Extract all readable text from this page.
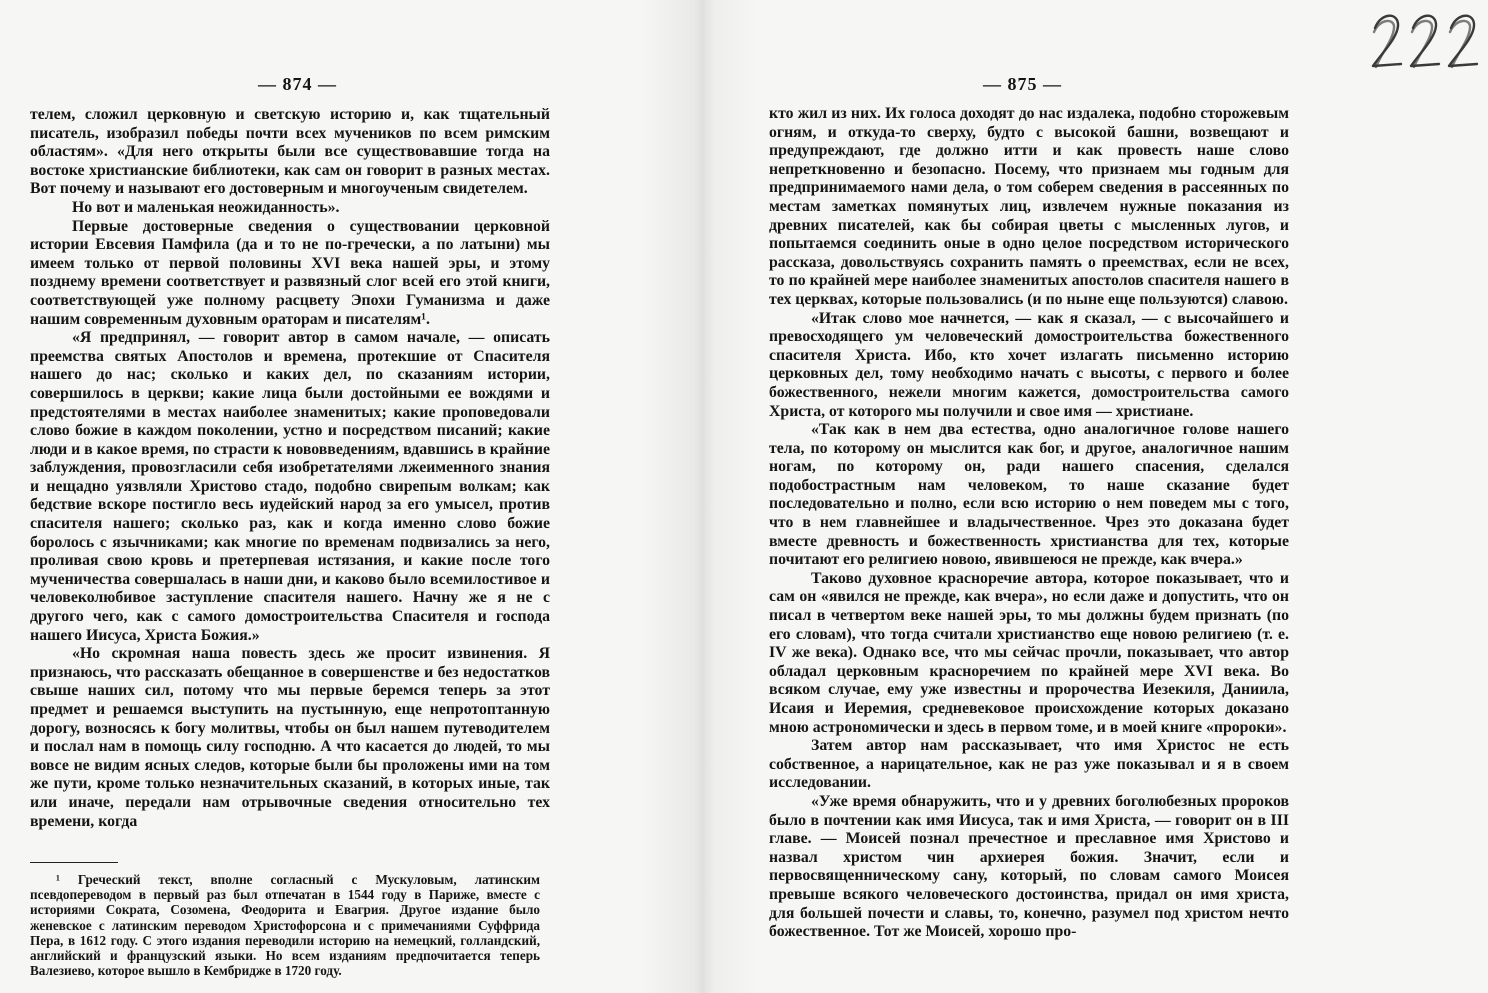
— 874 —

телем, сложил церковную и светскую историю и, как тщательный писатель, изобразил победы почти всех мучеников по всем римским областям». «Для него открыты были все существовавшие тогда на востоке христианские библиотеки, как сам он говорит в разных местах. Вот почему и называют его достоверным и многоученым свидетелем.

Но вот и маленькая неожиданность».

Первые достоверные сведения о существовании церковной истории Евсевия Памфила (да и то не по-гречески, а по латыни) мы имеем только от первой половины XVI века нашей эры, и этому позднему времени соответствует и развязный слог всей его этой книги, соответствующей уже полному расцвету Эпохи Гуманизма и даже нашим современным духовным ораторам и писателям¹.

«Я предпринял, — говорит автор в самом начале, — описать преемства святых Апостолов и времена, протекшие от Спасителя нашего до нас; сколько и каких дел, по сказаниям истории, совершилось в церкви; какие лица были достойными ее вождями и предстоятелями в местах наиболее знаменитых; какие проповедовали слово божие в каждом поколении, устно и посредством писаний; какие люди и в какое время, по страсти к нововведениям, вдавшись в крайние заблуждения, провозгласили себя изобретателями лжеименного знания и нещадно уязвляли Христово стадо, подобно свирепым волкам; как бедствие вскоре постигло весь иудейский народ за его умысел, против спасителя нашего; сколько раз, как и когда именно слово божие боролось с язычниками; как многие по временам подвизались за него, проливая свою кровь и претерпевая истязания, и какие после того мученичества совершалась в наши дни, и каково было всемилостивое и человеколюбивое заступление спасителя нашего. Начну же я не с другого чего, как с самого домостроительства Спасителя и господа нашего Иисуса, Христа Божия.»

«Но скромная наша повесть здесь же просит извинения. Я признаюсь, что рассказать обещанное в совершенстве и без недостатков свыше наших сил, потому что мы первые беремся теперь за этот предмет и решаемся выступить на пустынную, еще непротоптанную дорогу, возносясь к богу молитвы, чтобы он был нашем путеводителем и послал нам в помощь силу господню. А что касается до людей, то мы вовсе не видим ясных следов, которые были бы проложены ими на том же пути, кроме только незначительных сказаний, в которых иные, так или иначе, передали нам отрывочные сведения относительно тех времени, когда

¹ Греческий текст, вполне согласный с Мускуловым, латинским псевдопереводом в первый раз был отпечатан в 1544 году в Париже, вместе с историями Сократа, Созомена, Феодорита и Евагрия. Другое издание было женевское с латинским переводом Христофорсона и с примечаниями Суффрида Пера, в 1612 году. С этого издания переводили историю на немецкий, голландский, английский и французский языки. Но всем изданиям предпочитается теперь Валезиево, которое вышло в Кембридже в 1720 году.

— 875 —

кто жил из них. Их голоса доходят до нас издалека, подобно сторожевым огням, и откуда-то сверху, будто с высокой башни, возвещают и предупреждают, где должно итти и как провесть наше слово непреткновенно и безопасно. Посему, что признаем мы годным для предпринимаемого нами дела, о том соберем сведения в рассеянных по местам заметках помянутых лиц, извлечем нужные показания из древних писателей, как бы собирая цветы с мысленных лугов, и попытаемся соединить оные в одно целое посредством исторического рассказа, довольствуясь сохранить память о преемствах, если не всех, то по крайней мере наиболее знаменитых апостолов спасителя нашего в тех церквах, которые пользовались (и по ныне еще пользуются) славою.

«Итак слово мое начнется, — как я сказал, — с высочайшего и превосходящего ум человеческий домостроительства божественного спасителя Христа. Ибо, кто хочет излагать письменно историю церковных дел, тому необходимо начать с высоты, с первого и более божественного, нежели многим кажется, домостроительства самого Христа, от которого мы получили и свое имя — христиане.

«Так как в нем два естества, одно аналогичное голове нашего тела, по которому он мыслится как бог, и другое, аналогичное нашим ногам, по которому он, ради нашего спасения, сделался подобострастным нам человеком, то наше сказание будет последовательно и полно, если всю историю о нем поведем мы с того, что в нем главнейшее и владычественное. Чрез это доказана будет вместе древность и божественность христианства для тех, которые почитают его религиею новою, явившеюся не прежде, как вчера.»

Таково духовное красноречие автора, которое показывает, что и сам он «явился не прежде, как вчера», но если даже и допустить, что он писал в четвертом веке нашей эры, то мы должны будем признать (по его словам), что тогда считали христианство еще новою религиею (т. е. IV же века). Однако все, что мы сейчас прочли, показывает, что автор обладал церковным красноречием по крайней мере XVI века. Во всяком случае, ему уже известны и пророчества Иезекиля, Даниила, Исаия и Иеремия, средневековое происхождение которых доказано мною астрономически и здесь в первом томе, и в моей книге «пророки».

Затем автор нам рассказывает, что имя Христос не есть собственное, а нарицательное, как не раз уже показывал и я в своем исследовании.

«Уже время обнаружить, что и у древних боголюбезных пророков было в почтении как имя Иисуса, так и имя Христа, — говорит он в III главе. — Моисей познал пречестное и преславное имя Христово и назвал христом чин архиерея божия. Значит, если и первосвященническому сану, который, по словам самого Моисея превыше всякого человеческого достоинства, придал он имя христа, для большей почести и славы, то, конечно, разумел под христом нечто божественное. Тот же Моисей, хорошо про-
